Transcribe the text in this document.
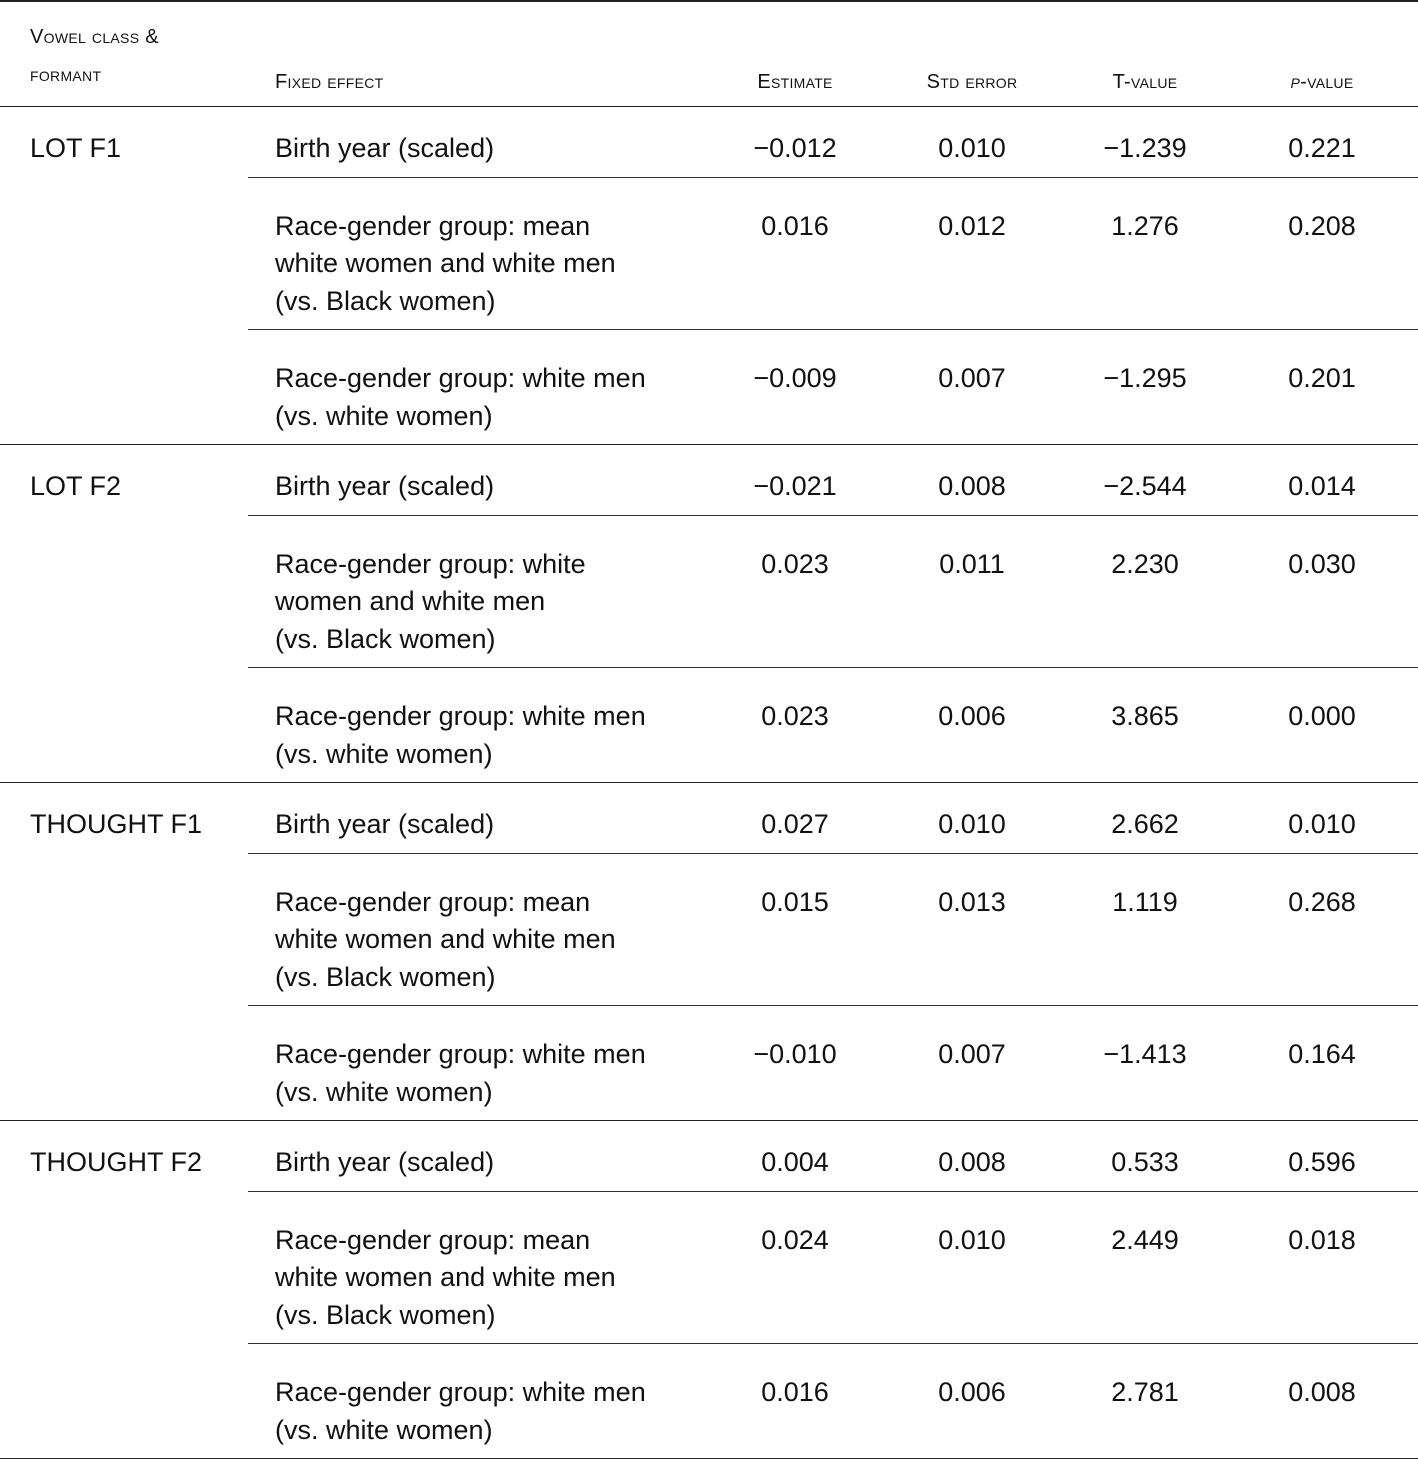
Vowel class &
formant	Fixed effect	Estimate	Std error	T-value	p-value
LOT F1	Birth year (scaled)	−0.012	0.010	−1.239	0.221
	Race-gender group: mean
white women and white men
(vs. Black women)	0.016	0.012	1.276	0.208
	Race-gender group: white men
(vs. white women)	−0.009	0.007	−1.295	0.201
LOT F2	Birth year (scaled)	−0.021	0.008	−2.544	0.014
	Race-gender group: white
women and white men
(vs. Black women)	0.023	0.011	2.230	0.030
	Race-gender group: white men
(vs. white women)	0.023	0.006	3.865	0.000
THOUGHT F1	Birth year (scaled)	0.027	0.010	2.662	0.010
	Race-gender group: mean
white women and white men
(vs. Black women)	0.015	0.013	1.119	0.268
	Race-gender group: white men
(vs. white women)	−0.010	0.007	−1.413	0.164
THOUGHT F2	Birth year (scaled)	0.004	0.008	0.533	0.596
	Race-gender group: mean
white women and white men
(vs. Black women)	0.024	0.010	2.449	0.018
	Race-gender group: white men
(vs. white women)	0.016	0.006	2.781	0.008
